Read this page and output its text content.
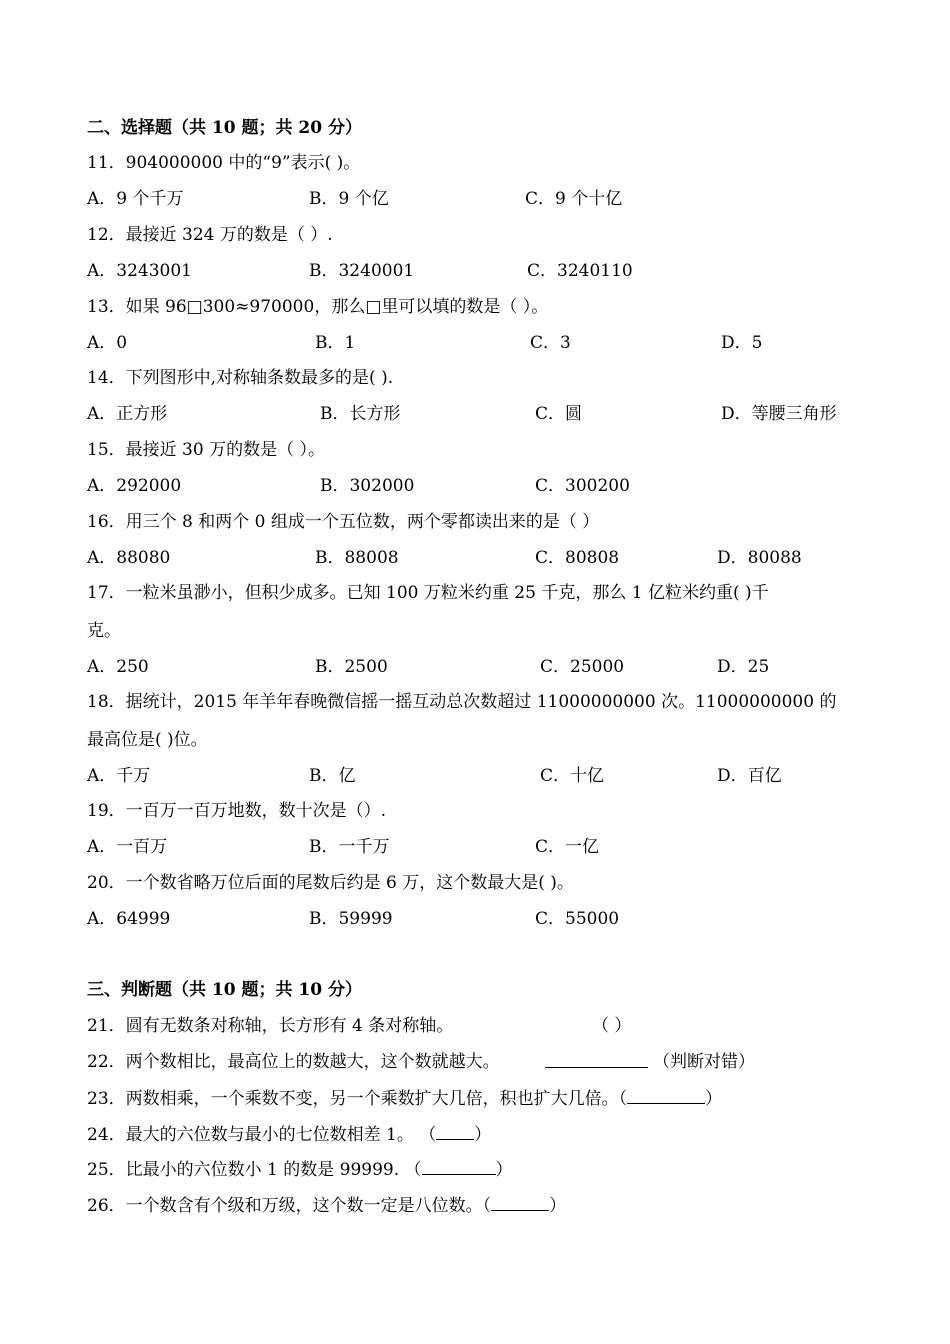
二、选择题（共 10 题；共 20 分）
11．904000000 中的“9”表示( )。
A．9 个千万	B．9 个亿	C．9 个十亿
12．最接近 324 万的数是（ ）.
A．3243001	B．3240001	C．3240110
13．如果 96□300≈970000，那么□里可以填的数是（ ）。
A．0	B．1	C．3	D．5
14．下列图形中,对称轴条数最多的是( ).
A．正方形	B．长方形	C．圆	D．等腰三角形
15．最接近 30 万的数是（ ）。
A．292000	B．302000	C．300200
16．用三个 8 和两个 0 组成一个五位数，两个零都读出来的是（ ）
A．88080	B．88008	C．80808	D．80088
17．一粒米虽渺小，但积少成多。已知 100 万粒米约重 25 千克，那么 1 亿粒米约重( )千
克。
A．250	B．2500	C．25000	D．25
18．据统计，2015 年羊年春晚微信摇一摇互动总次数超过 11000000000 次。11000000000 的
最高位是( )位。
A．千万	B．亿	C．十亿	D．百亿
19．一百万一百万地数，数十次是（）.
A．一百万	B．一千万	C．一亿
20．一个数省略万位后面的尾数后约是 6 万，这个数最大是( )。
A．64999	B．59999	C．55000
三、判断题（共 10 题；共 10 分）
21．圆有无数条对称轴，长方形有 4 条对称轴。	（ ）
22．两个数相比，最高位上的数越大，这个数就越大。	（判断对错）
23．两数相乘，一个乘数不变，另一个乘数扩大几倍，积也扩大几倍。（	）
24．最大的六位数与最小的七位数相差 1。 （ ）
25．比最小的六位数小 1 的数是 99999. （	）
26．一个数含有个级和万级，这个数一定是八位数。（	）
